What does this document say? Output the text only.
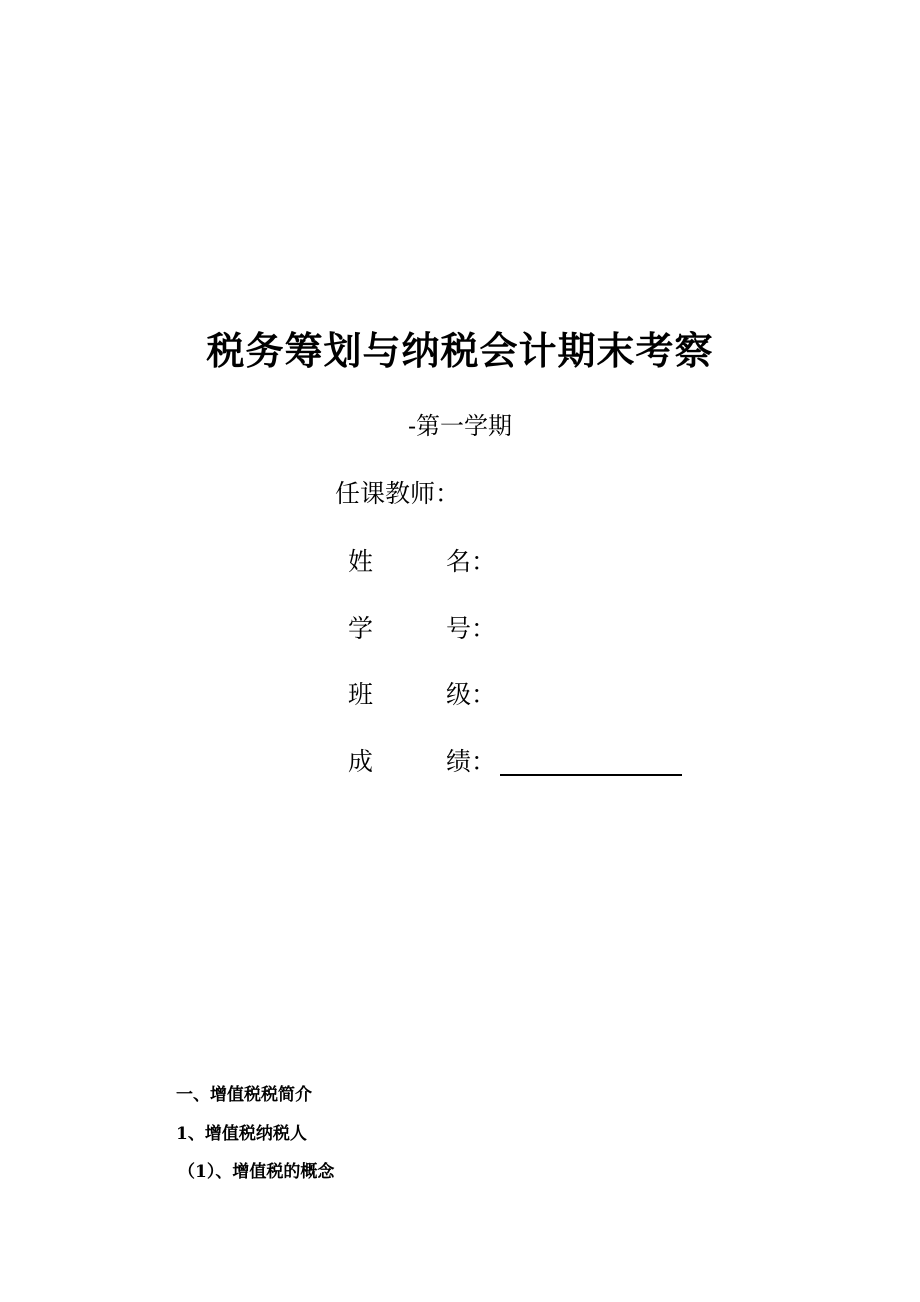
税务筹划与纳税会计期末考察
-第一学期
任课教师：
姓	名：
学	号：
班	级：
成	绩：
一、增值税税简介
1、增值税纳税人
（1）、增值税的概念
